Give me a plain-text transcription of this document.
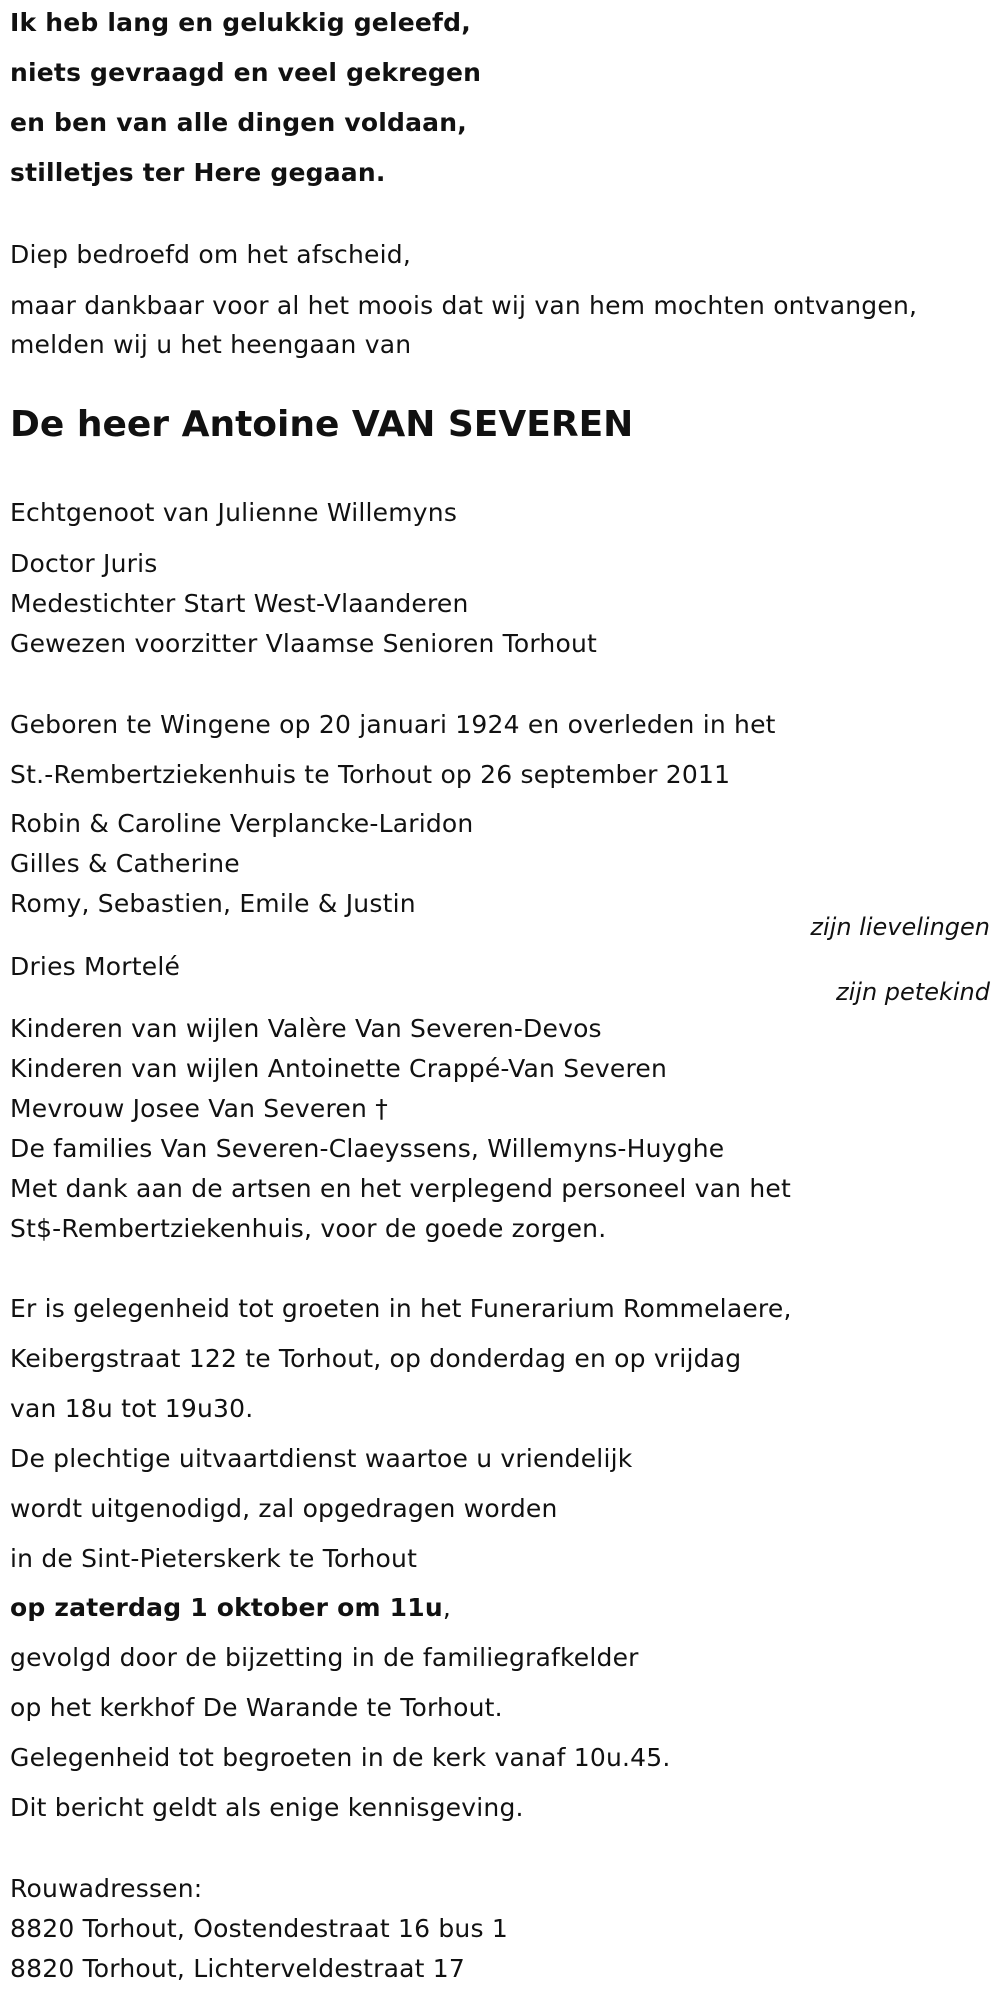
Ik heb lang en gelukkig geleefd,
niets gevraagd en veel gekregen
en ben van alle dingen voldaan,
stilletjes ter Here gegaan.
Diep bedroefd om het afscheid,
maar dankbaar voor al het moois dat wij van hem mochten ontvangen,
melden wij u het heengaan van
De heer Antoine VAN SEVEREN
Echtgenoot van Julienne Willemyns
Doctor Juris
Medestichter Start West-Vlaanderen
Gewezen voorzitter Vlaamse Senioren Torhout
Geboren te Wingene op 20 januari 1924 en overleden in het
St.-Rembertziekenhuis te Torhout op 26 september 2011
Robin & Caroline Verplancke-Laridon
Gilles & Catherine
Romy, Sebastien, Emile & Justin
zijn lievelingen
Dries Mortelé
zijn petekind
Kinderen van wijlen Valère Van Severen-Devos
Kinderen van wijlen Antoinette Crappé-Van Severen
Mevrouw Josee Van Severen †
De families Van Severen-Claeyssens, Willemyns-Huyghe
Met dank aan de artsen en het verplegend personeel van het
St$-Rembertziekenhuis, voor de goede zorgen.
Er is gelegenheid tot groeten in het Funerarium Rommelaere,
Keibergstraat 122 te Torhout, op donderdag en op vrijdag
van 18u tot 19u30.
De plechtige uitvaartdienst waartoe u vriendelijk
wordt uitgenodigd, zal opgedragen worden
in de Sint-Pieterskerk te Torhout
op zaterdag 1 oktober om 11u,
gevolgd door de bijzetting in de familiegrafkelder
op het kerkhof De Warande te Torhout.
Gelegenheid tot begroeten in de kerk vanaf 10u.45.
Dit bericht geldt als enige kennisgeving.
Rouwadressen:
8820 Torhout, Oostendestraat 16 bus 1
8820 Torhout, Lichterveldestraat 17
